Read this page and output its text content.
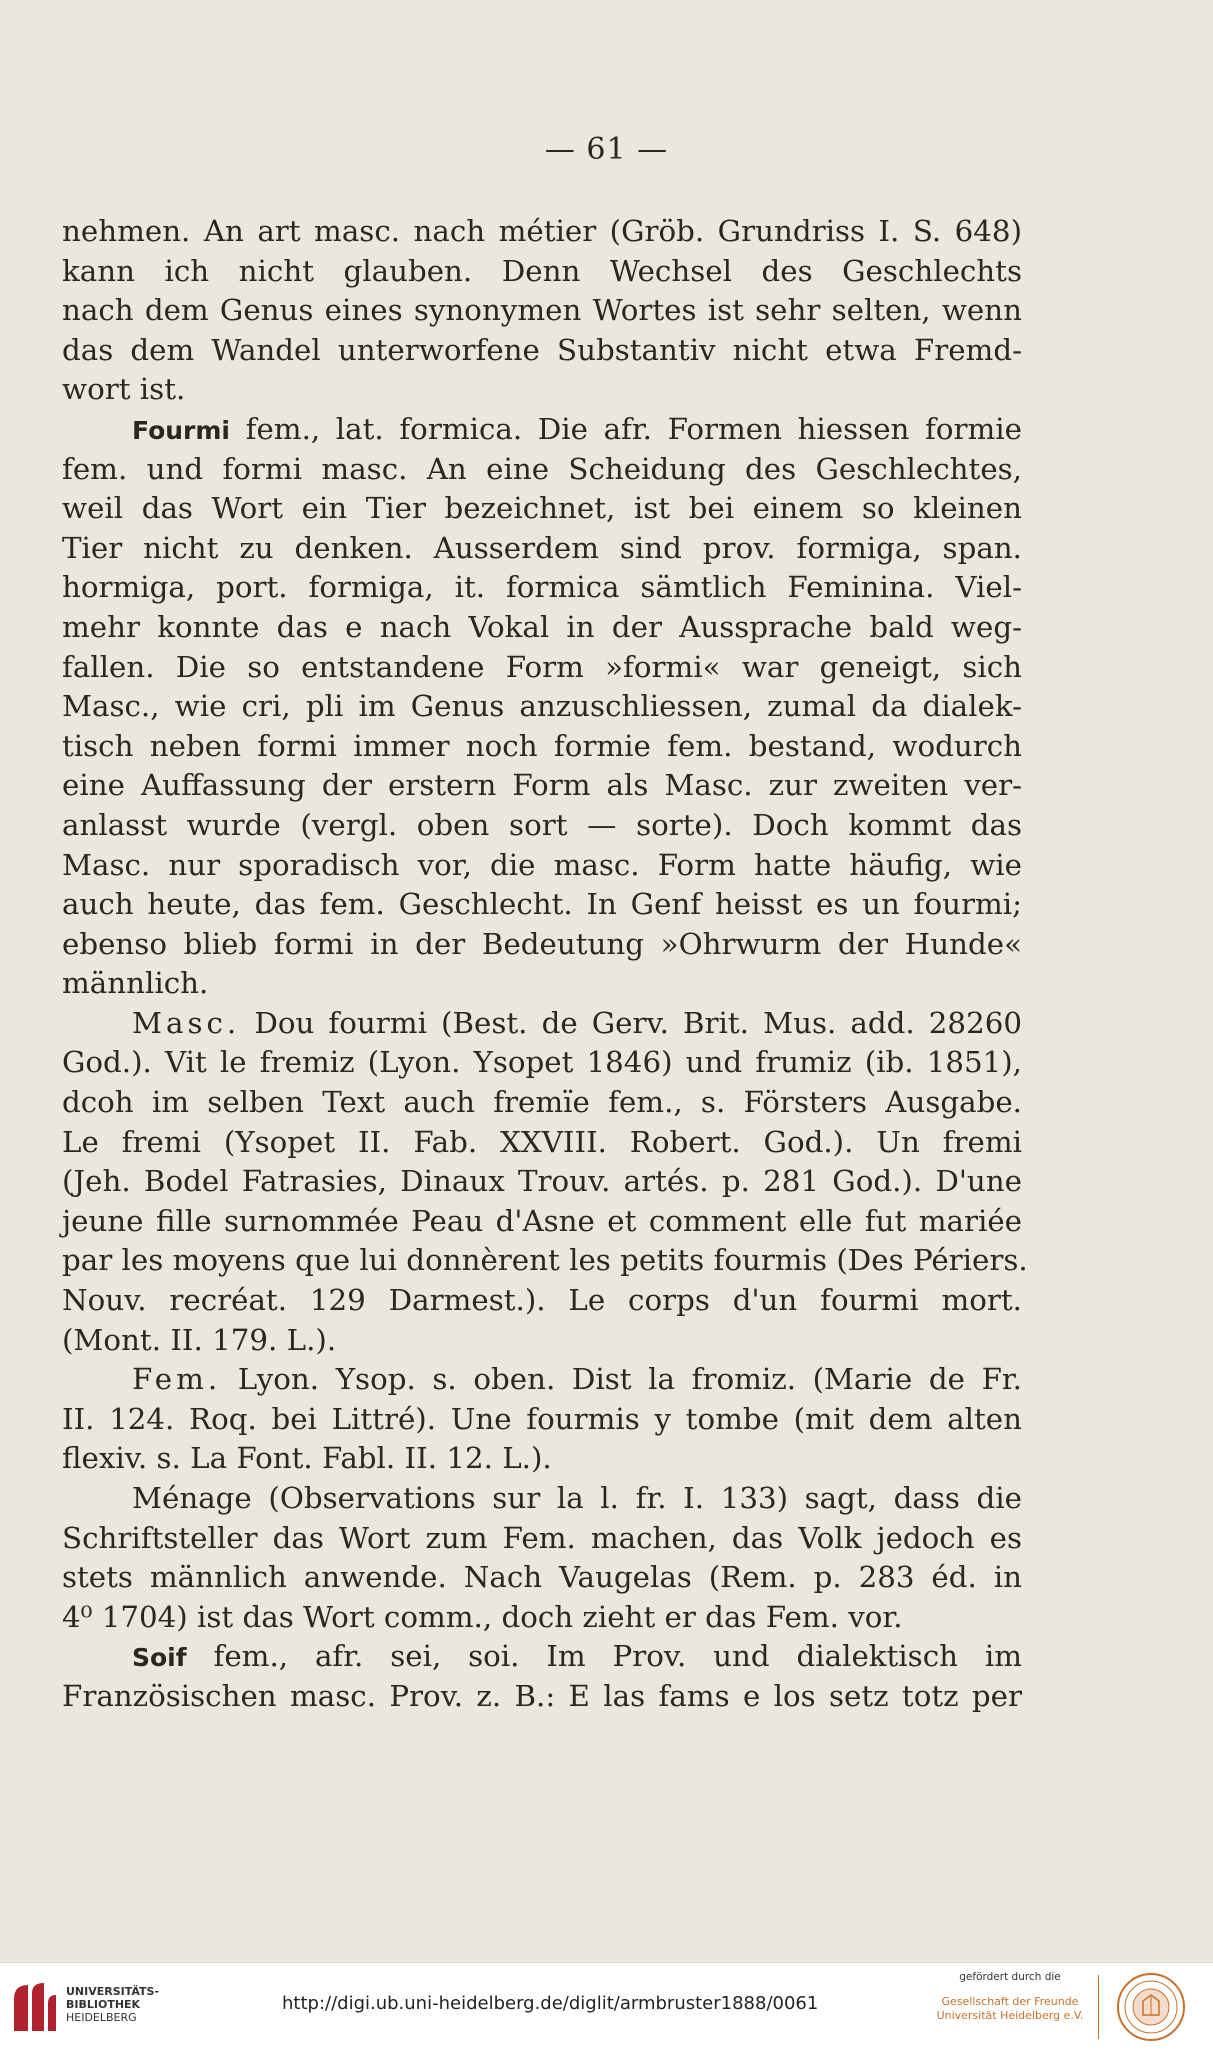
— 61 —
nehmen. An art masc. nach métier (Gröb. Grundriss I. S. 648)
kann ich nicht glauben. Denn Wechsel des Geschlechts
nach dem Genus eines synonymen Wortes ist sehr selten, wenn
das dem Wandel unterworfene Substantiv nicht etwa Fremd-
wort ist.
Fourmi fem., lat. formica. Die afr. Formen hiessen formie
fem. und formi masc. An eine Scheidung des Geschlechtes,
weil das Wort ein Tier bezeichnet, ist bei einem so kleinen
Tier nicht zu denken. Ausserdem sind prov. formiga, span.
hormiga, port. formiga, it. formica sämtlich Feminina. Viel-
mehr konnte das e nach Vokal in der Aussprache bald weg-
fallen. Die so entstandene Form »formi« war geneigt, sich
Masc., wie cri, pli im Genus anzuschliessen, zumal da dialek-
tisch neben formi immer noch formie fem. bestand, wodurch
eine Auffassung der erstern Form als Masc. zur zweiten ver-
anlasst wurde (vergl. oben sort — sorte). Doch kommt das
Masc. nur sporadisch vor, die masc. Form hatte häufig, wie
auch heute, das fem. Geschlecht. In Genf heisst es un fourmi;
ebenso blieb formi in der Bedeutung »Ohrwurm der Hunde«
männlich.
Masc. Dou fourmi (Best. de Gerv. Brit. Mus. add. 28260
God.). Vit le fremiz (Lyon. Ysopet 1846) und frumiz (ib. 1851),
dcoh im selben Text auch fremïe fem., s. Försters Ausgabe.
Le fremi (Ysopet II. Fab. XXVIII. Robert. God.). Un fremi
(Jeh. Bodel Fatrasies, Dinaux Trouv. artés. p. 281 God.). D'une
jeune fille surnommée Peau d'Asne et comment elle fut mariée
par les moyens que lui donnèrent les petits fourmis (Des Périers.
Nouv. recréat. 129 Darmest.). Le corps d'un fourmi mort.
(Mont. II. 179. L.).
Fem. Lyon. Ysop. s. oben. Dist la fromiz. (Marie de Fr.
II. 124. Roq. bei Littré). Une fourmis y tombe (mit dem alten
flexiv. s. La Font. Fabl. II. 12. L.).
Ménage (Observations sur la l. fr. I. 133) sagt, dass die
Schriftsteller das Wort zum Fem. machen, das Volk jedoch es
stets männlich anwende. Nach Vaugelas (Rem. p. 283 éd. in
4⁰ 1704) ist das Wort comm., doch zieht er das Fem. vor.
Soif fem., afr. sei, soi. Im Prov. und dialektisch im
Französischen masc. Prov. z. B.: E las fams e los setz totz per
UNIVERSITÄTS-
BIBLIOTHEK
HEIDELBERG
http://digi.ub.uni-heidelberg.de/diglit/armbruster1888/0061
gefördert durch die
Gesellschaft der Freunde
Universität Heidelberg e.V.
